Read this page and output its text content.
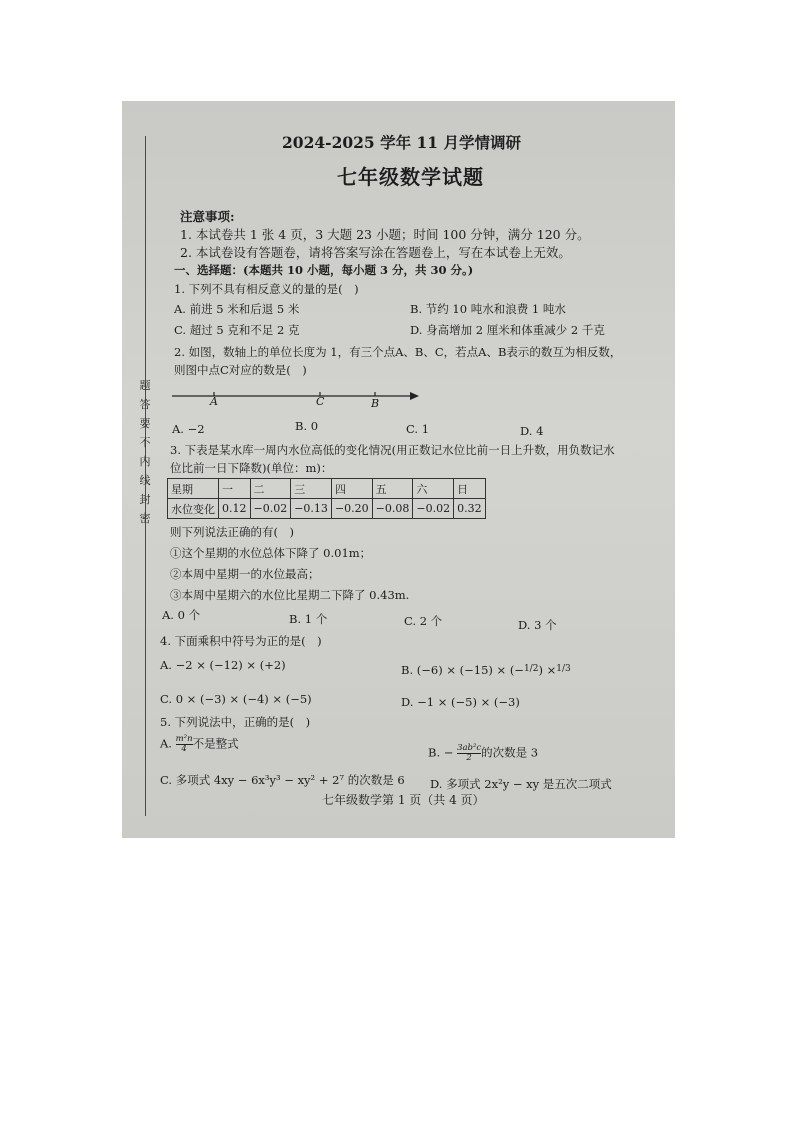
题
答
要
不
内
线
封
密
2024-2025 学年 11 月学情调研
七年级数学试题
注意事项:
1. 本试卷共 1 张 4 页，3 大题 23 小题；时间 100 分钟，满分 120 分。
2. 本试卷设有答题卷，请将答案写涂在答题卷上，写在本试卷上无效。
一、选择题：(本题共 10 小题，每小题 3 分，共 30 分。)
1. 下列不具有相反意义的量的是(　)
A. 前进 5 米和后退 5 米	B. 节约 10 吨水和浪费 1 吨水
C. 超过 5 克和不足 2 克	D. 身高增加 2 厘米和体重减少 2 千克
2. 如图，数轴上的单位长度为 1，有三个点A、B、C，若点A、B表示的数互为相反数，
则图中点C对应的数是(　)
A	C	B
A. −2	B. 0	C. 1	D. 4
3. 下表是某水库一周内水位高低的变化情况(用正数记水位比前一日上升数，用负数记水
位比前一日下降数)(单位：m)：
星期	一	二	三	四	五	六	日
水位变化	0.12	−0.02	−0.13	−0.20	−0.08	−0.02	0.32
则下列说法正确的有(　)
①这个星期的水位总体下降了 0.01m；
②本周中星期一的水位最高；
③本周中星期六的水位比星期二下降了 0.43m.
A. 0 个	B. 1 个	C. 2 个	D. 3 个
4. 下面乘积中符号为正的是(　)
A. −2 × (−12) × (+2)	B. (−6) × (−15) × (−$^{1/2}$) ×$^{1/3}$
C. 0 × (−3) × (−4) × (−5)	D. −1 × (−5) × (−3)
5. 下列说法中，正确的是(　)
A. $\frac{\text{m²n}}{4}$ 不是整式
B. − $\frac{\text{3ab²c}}{2}$ 的次数是 3
C. 多项式 4xy − 6x³y³ − xy² + 2⁷ 的次数是 6 D. 多项式 2x²y − xy 是五次二项式
七年级数学第 1 页（共 4 页）
